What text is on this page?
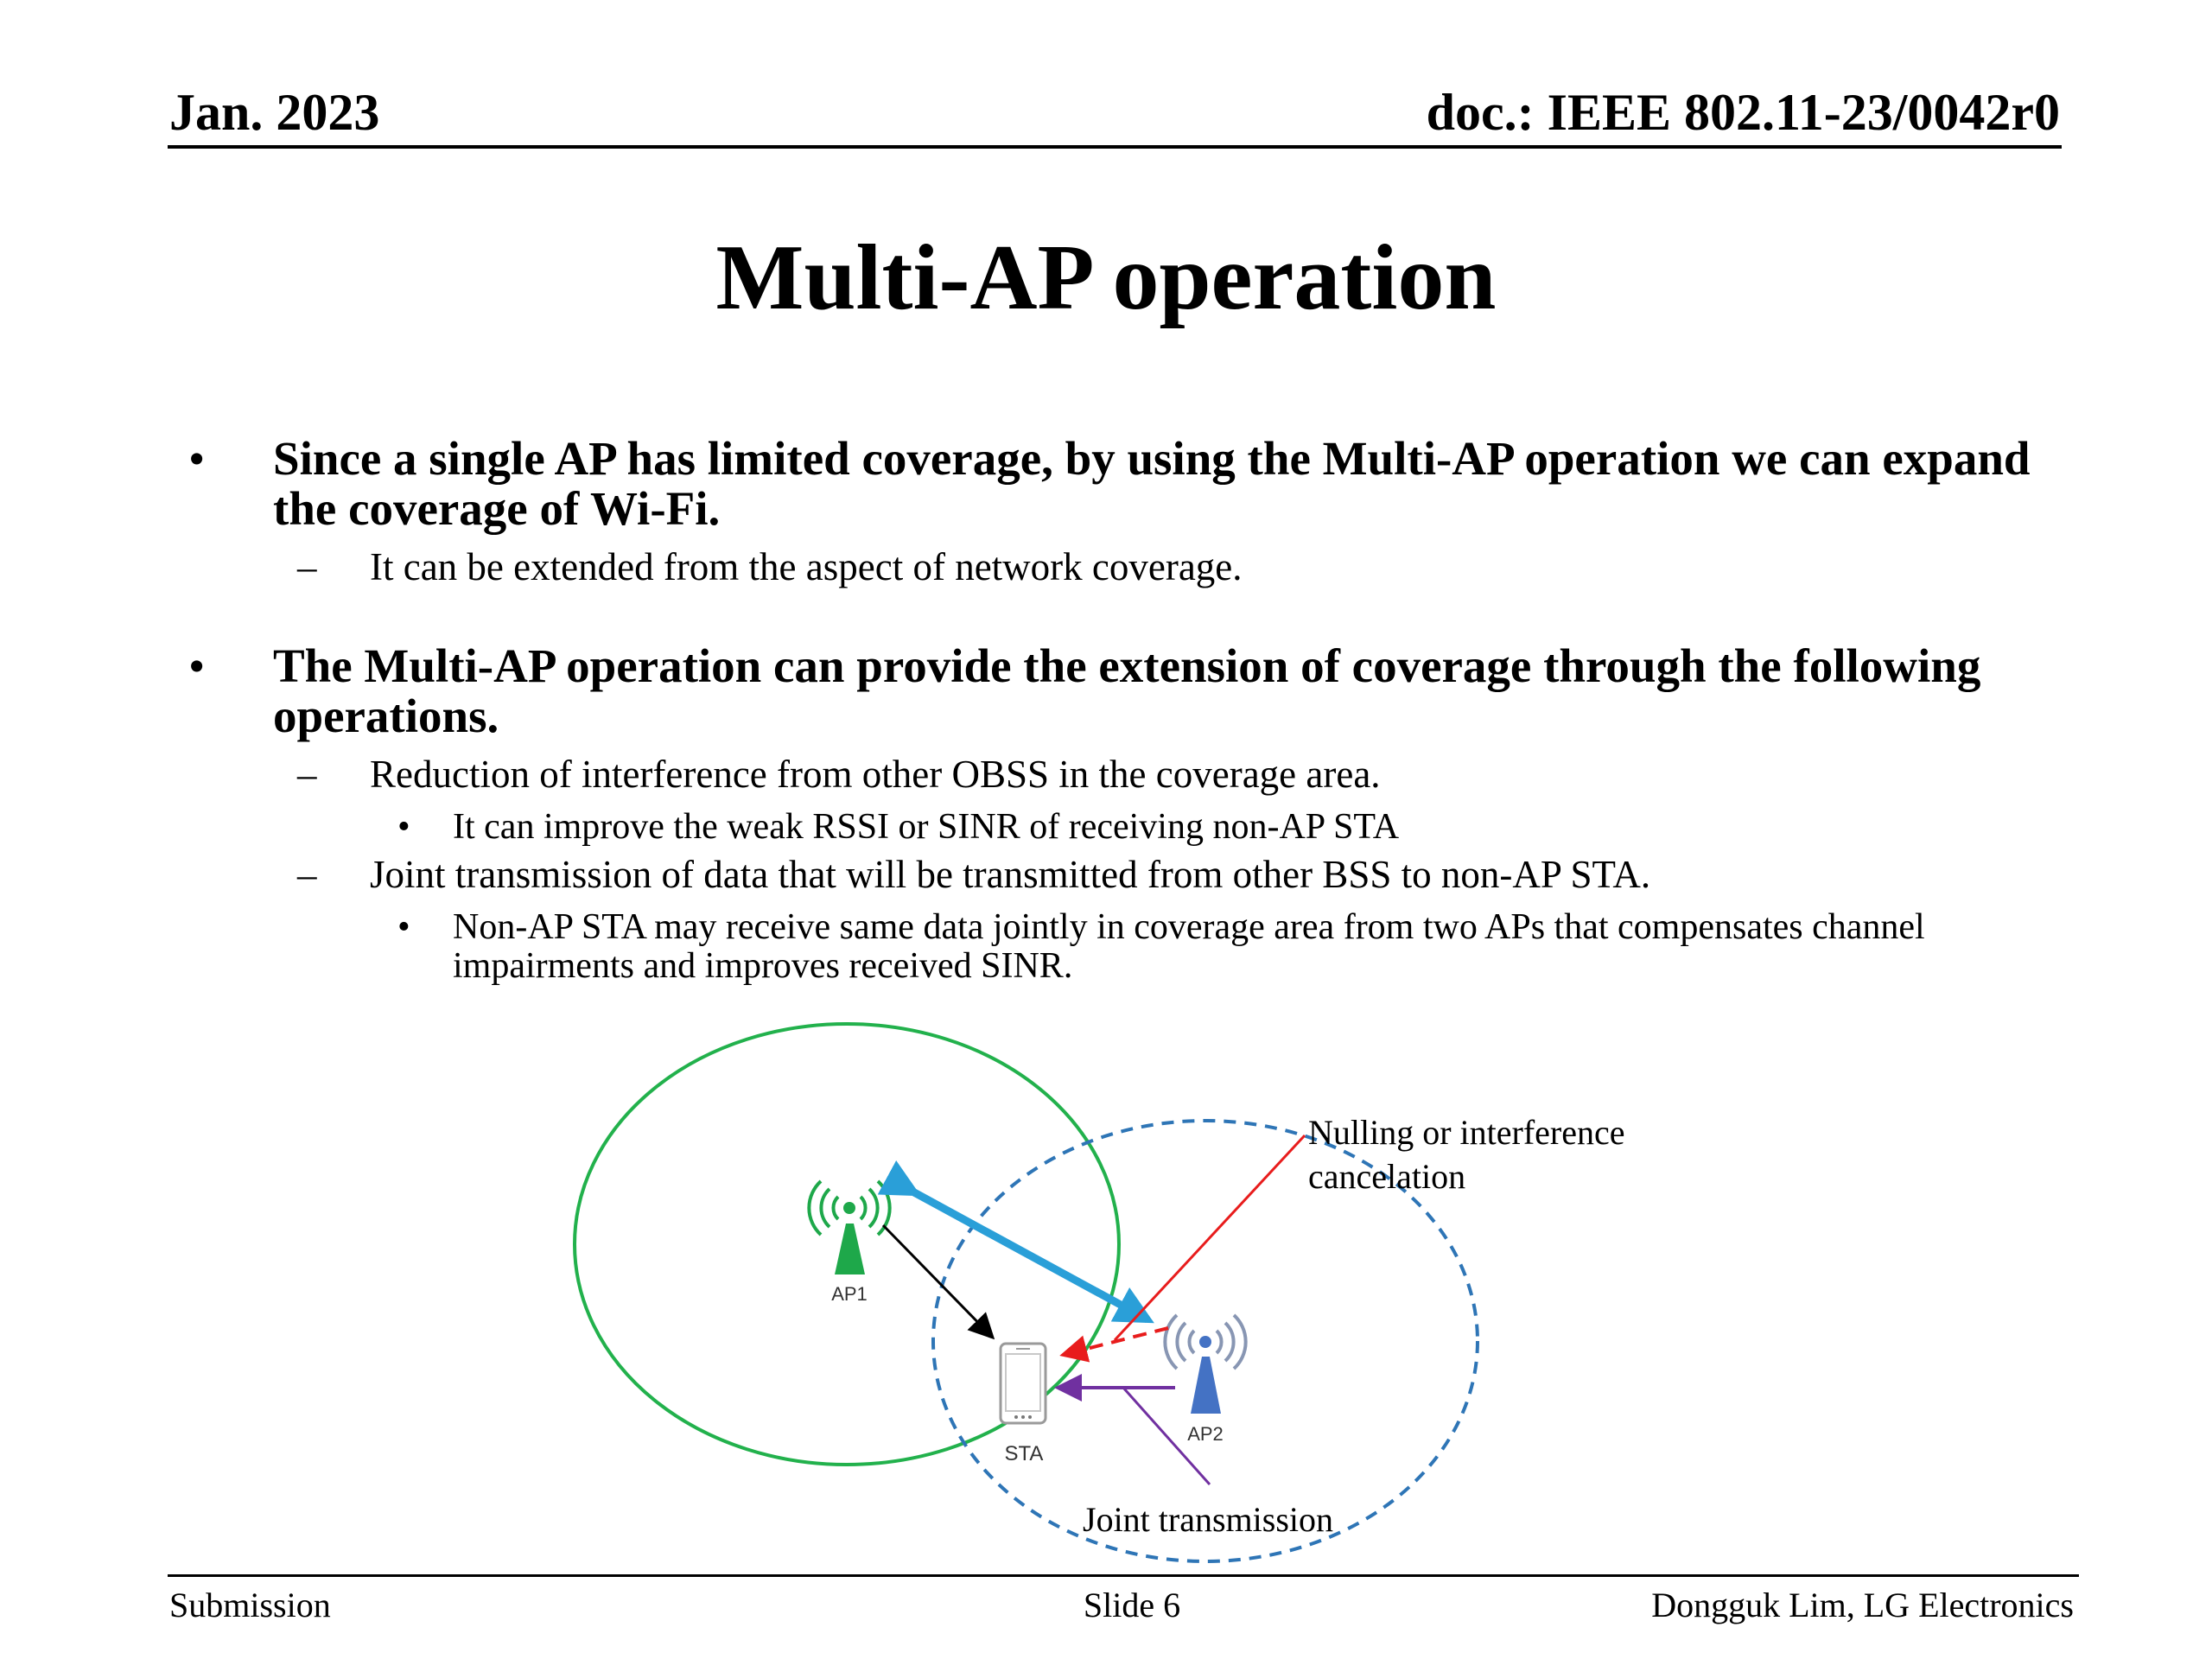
Jan. 2023	doc.: IEEE 802.11-23/0042r0
Multi-AP operation
• Since a single AP has limited coverage, by using the Multi-AP operation we can expand the coverage of Wi-Fi.
– It can be extended from the aspect of network coverage.
• The Multi-AP operation can provide the extension of coverage through the following operations.
– Reduction of interference from other OBSS in the coverage area.
• It can improve the weak RSSI or SINR of receiving non-AP STA
– Joint transmission of data that will be transmitted from other BSS to non-AP STA.
• Non-AP STA may receive same data jointly in coverage area from two APs that compensates channel impairments and improves received SINR.
AP1
AP2
STA
Nulling or interference
cancelation
Joint transmission
Submission	Slide 6	Dongguk Lim, LG Electronics
